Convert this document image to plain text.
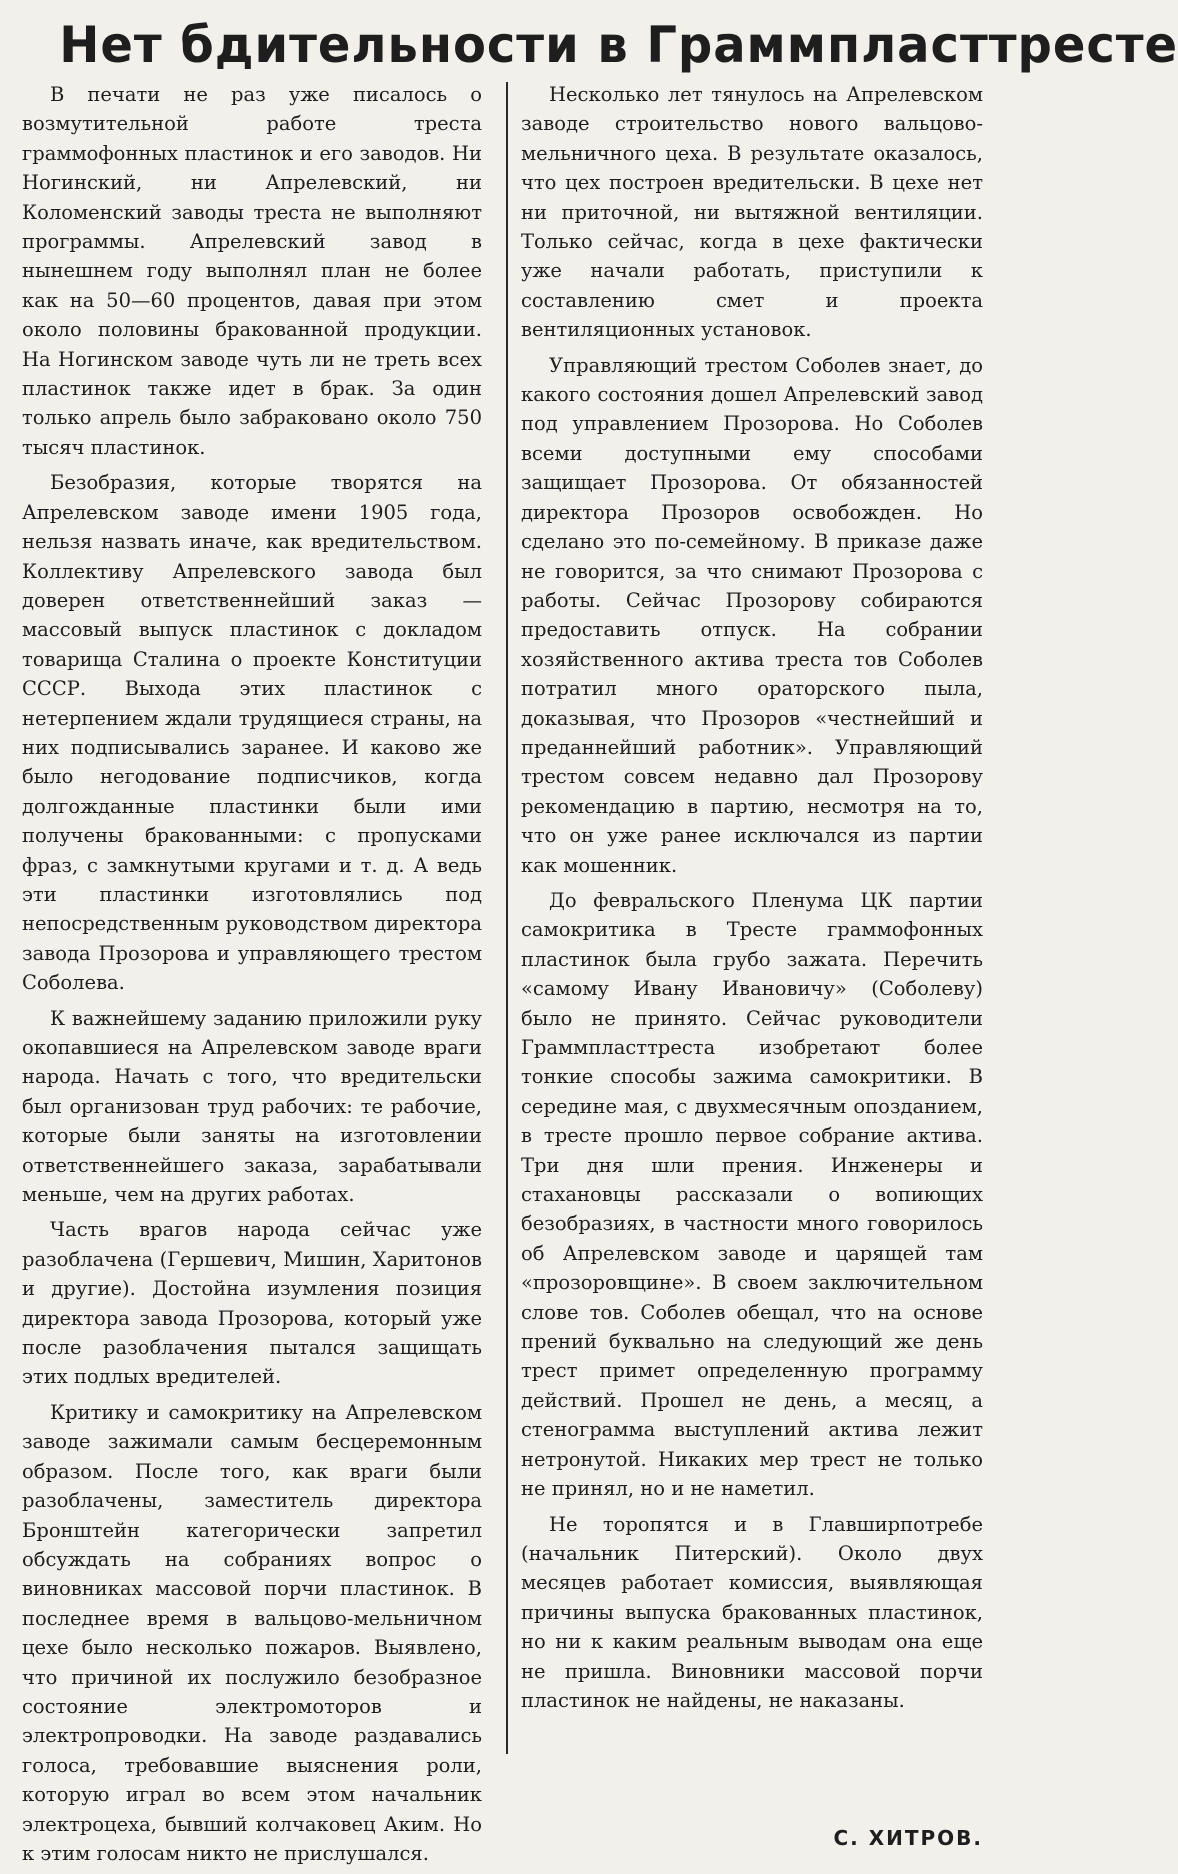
Нет бдительности в Граммпласттресте

В печати не раз уже писалось о возмутительной работе треста граммофонных пластинок и его заводов. Ни Ногинский, ни Апрелевский, ни Коломенский заводы треста не выполняют программы. Апрелевский завод в нынешнем году выполнял план не более как на 50—60 процентов, давая при этом около половины бракованной продукции. На Ногинском заводе чуть ли не треть всех пластинок также идет в брак. За один только апрель было забраковано около 750 тысяч пластинок.

Безобразия, которые творятся на Апрелевском заводе имени 1905 года, нельзя назвать иначе, как вредительством. Коллективу Апрелевского завода был доверен ответственнейший заказ — массовый выпуск пластинок с докладом товарища Сталина о проекте Конституции СССР. Выхода этих пластинок с нетерпением ждали трудящиеся страны, на них подписывались заранее. И каково же было негодование подписчиков, когда долгожданные пластинки были ими получены бракованными: с пропусками фраз, с замкнутыми кругами и т. д. А ведь эти пластинки изготовлялись под непосредственным руководством директора завода Прозорова и управляющего трестом Соболева.

К важнейшему заданию приложили руку окопавшиеся на Апрелевском заводе враги народа. Начать с того, что вредительски был организован труд рабочих: те рабочие, которые были заняты на изготовлении ответственнейшего заказа, зарабатывали меньше, чем на других работах.

Часть врагов народа сейчас уже разоблачена (Гершевич, Мишин, Харитонов и другие). Достойна изумления позиция директора завода Прозорова, который уже после разоблачения пытался защищать этих подлых вредителей.

Критику и самокритику на Апрелевском заводе зажимали самым бесцеремонным образом. После того, как враги были разоблачены, заместитель директора Бронштейн категорически запретил обсуждать на собраниях вопрос о виновниках массовой порчи пластинок. В последнее время в вальцово-мельничном цехе было несколько пожаров. Выявлено, что причиной их послужило безобразное состояние электромоторов и электропроводки. На заводе раздавались голоса, требовавшие выяснения роли, которую играл во всем этом начальник электроцеха, бывший колчаковец Аким. Но к этим голосам никто не прислушался.

Несколько лет тянулось на Апрелевском заводе строительство нового вальцово-мельничного цеха. В результате оказалось, что цех построен вредительски. В цехе нет ни приточной, ни вытяжной вентиляции. Только сейчас, когда в цехе фактически уже начали работать, приступили к составлению смет и проекта вентиляционных установок.

Управляющий трестом Соболев знает, до какого состояния дошел Апрелевский завод под управлением Прозорова. Но Соболев всеми доступными ему способами защищает Прозорова. От обязанностей директора Прозоров освобожден. Но сделано это по-семейному. В приказе даже не говорится, за что снимают Прозорова с работы. Сейчас Прозорову собираются предоставить отпуск. На собрании хозяйственного актива треста тов Соболев потратил много ораторского пыла, доказывая, что Прозоров «честнейший и преданнейший работник». Управляющий трестом совсем недавно дал Прозорову рекомендацию в партию, несмотря на то, что он уже ранее исключался из партии как мошенник.

До февральского Пленума ЦК партии самокритика в Тресте граммофонных пластинок была грубо зажата. Перечить «самому Ивану Ивановичу» (Соболеву) было не принято. Сейчас руководители Граммпласттреста изобретают более тонкие способы зажима самокритики. В середине мая, с двухмесячным опозданием, в тресте прошло первое собрание актива. Три дня шли прения. Инженеры и стахановцы рассказали о вопиющих безобразиях, в частности много говорилось об Апрелевском заводе и царящей там «прозоровщине». В своем заключительном слове тов. Соболев обещал, что на основе прений буквально на следующий же день трест примет определенную программу действий. Прошел не день, а месяц, а стенограмма выступлений актива лежит нетронутой. Никаких мер трест не только не принял, но и не наметил.

Не торопятся и в Главширпотребе (начальник Питерский). Около двух месяцев работает комиссия, выявляющая причины выпуска бракованных пластинок, но ни к каким реальным выводам она еще не пришла. Виновники массовой порчи пластинок не найдены, не наказаны.

С. ХИТРОВ.
